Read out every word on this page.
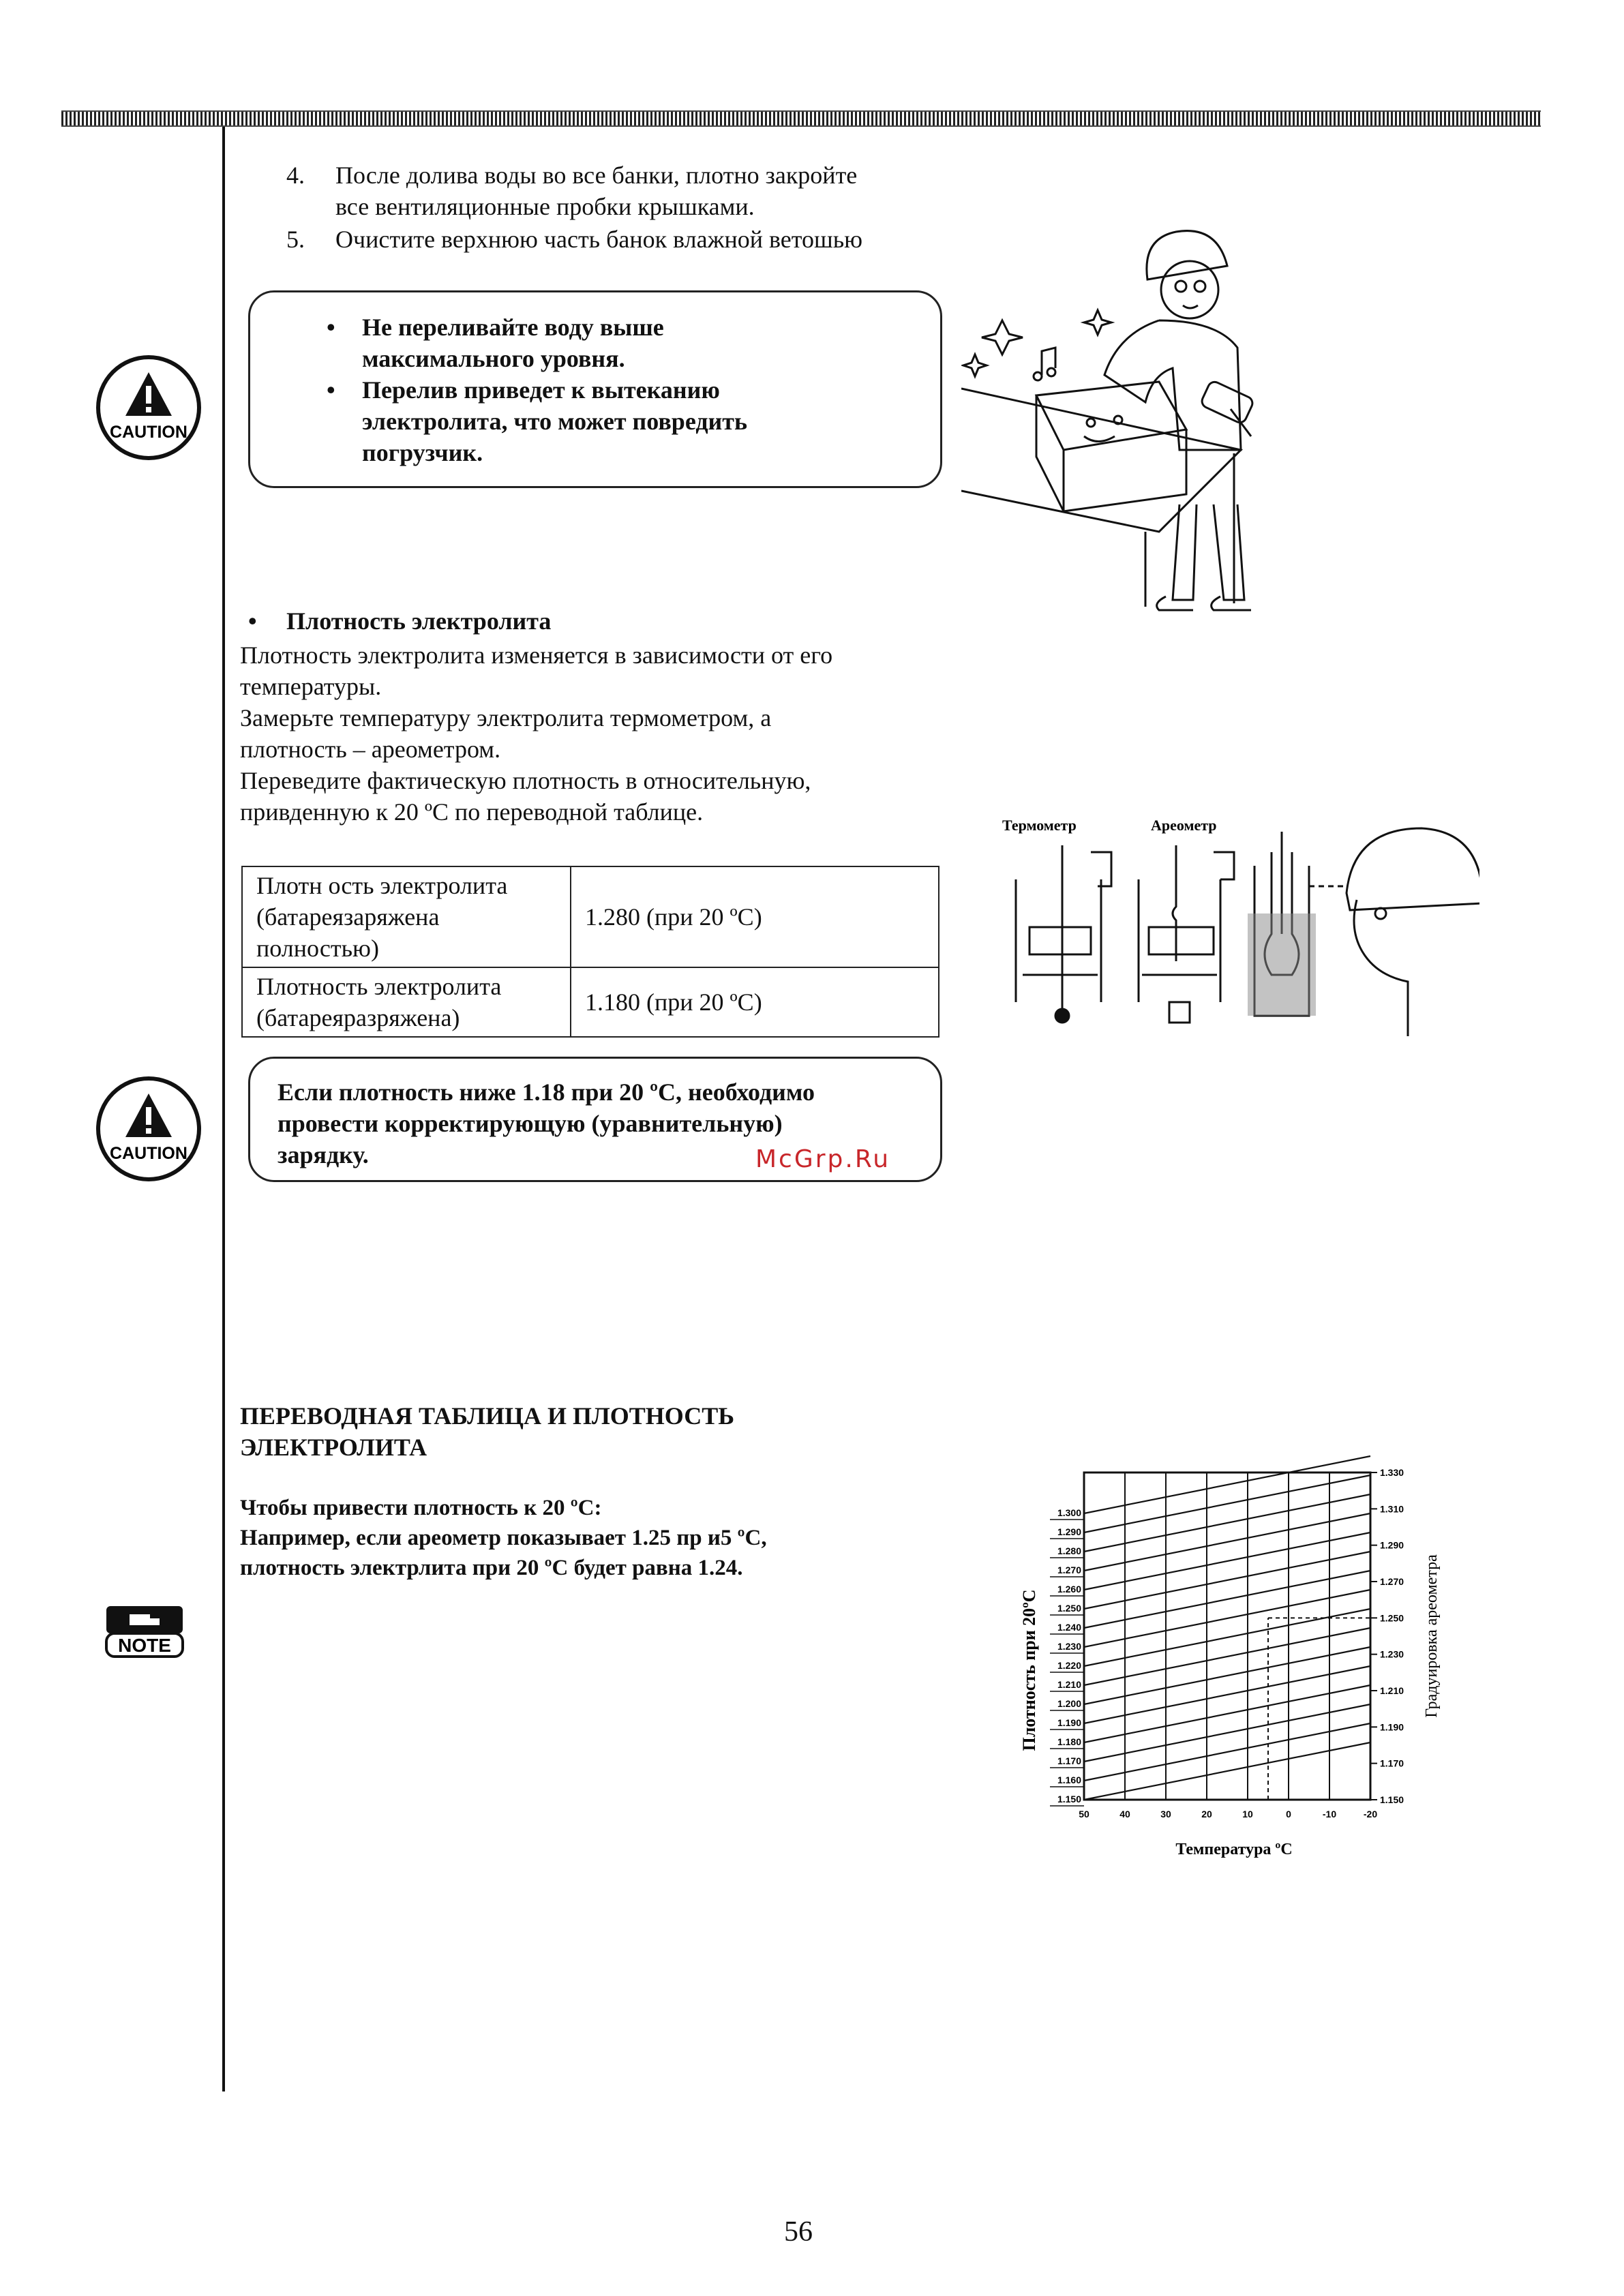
4. После долива воды во все банки, плотно закройте
все вентиляционные пробки крышками.
5. Очистите верхнюю часть банок влажной ветошью
CAUTION
•	Не переливайте воду выше
максимального уровня.
•	Перелив приведет к вытеканию
электролита, что может повредить
погрузчик.
• Плотность электролита
Плотность электролита изменяется в зависимости от его
температуры.
Замерьте температуру электролита термометром, а
плотность – ареометром.
Переведите фактическую плотность в относительную,
привденную к 20 ºС по переводной таблице.
Плотн ость электролита
(батареязаряжена
полностью)	1.280 (при 20 ºС)

Плотность электролита
(батареяразряжена)	1.180 (при 20 ºС)
Термометр	Ареометр
CAUTION
Если плотность ниже 1.18 при 20 ºС, необходимо
провести корректирующую (уравнительную)
зарядку.	McGrp.Ru
ПЕРЕВОДНАЯ ТАБЛИЦА И ПЛОТНОСТЬ
ЭЛЕКТРОЛИТА
Чтобы привести плотность к 20 ºС:
Например, если ареометр показывает 1.25 пр и5 ºС,
плотность электрлита при 20 ºС будет равна 1.24.
NOTE
1.300
1.290
1.280
1.270
1.260
1.250
1.240
1.230
1.220
1.210
1.200
1.190
1.180
1.170
1.160
1.150
1.330
1.310
1.290
1.270
1.250
1.230
1.210
1.190
1.170
1.150
50	40	30	20	10	0	-10	-20
Плотность при 20ºС	Градуировка ареометра
Температура ºС
56
